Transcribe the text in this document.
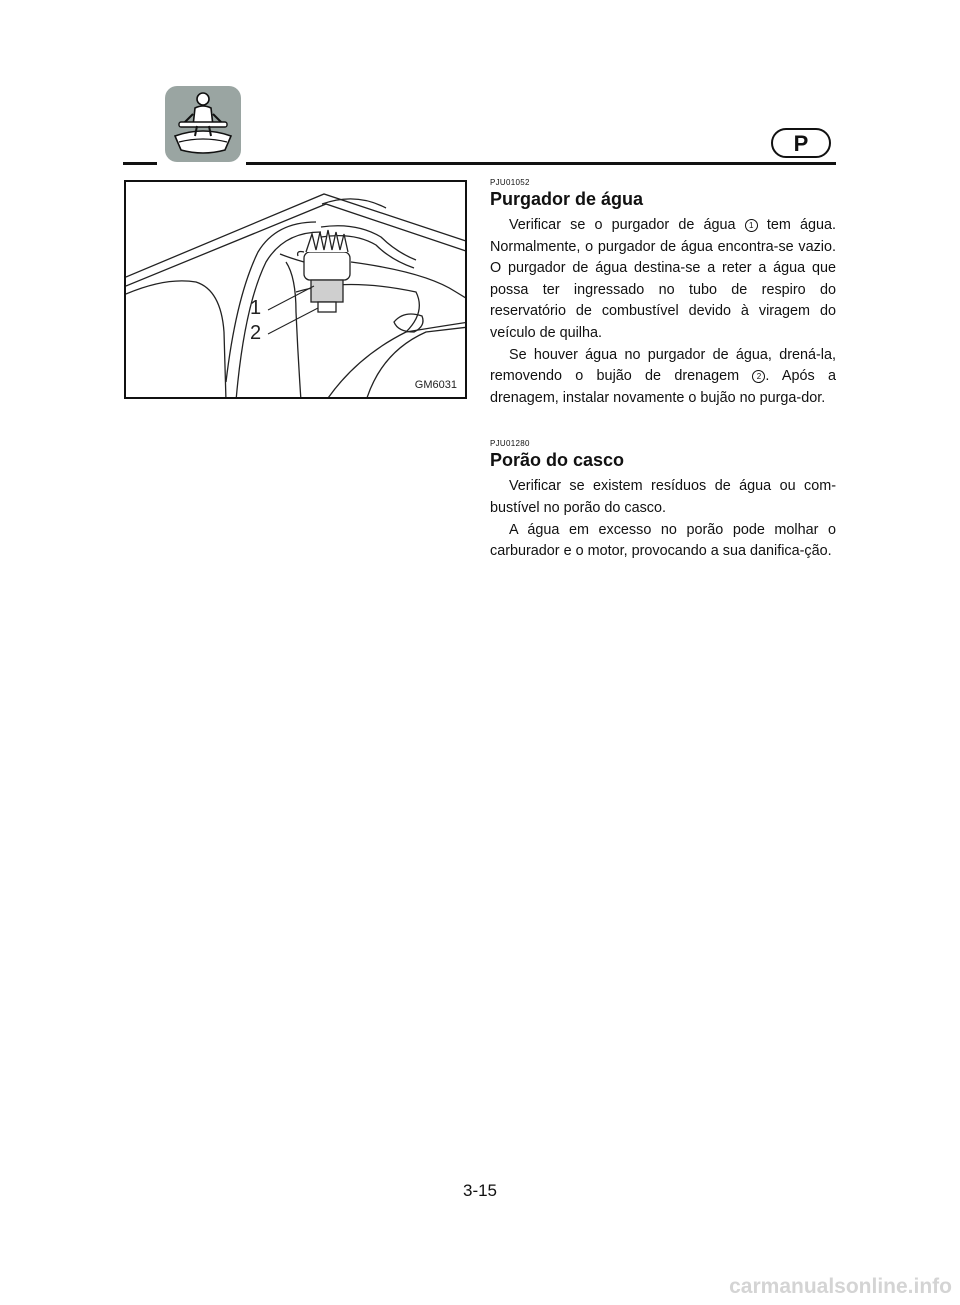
P
1
2
GM6031
PJU01052
Purgador de água

Verificar se o purgador de água 1 tem água. Normalmente, o purgador de água encontra-se vazio. O purgador de água destina-se a reter a água que possa ter ingressado no tubo de respiro do reservatório de combustível devido à viragem do veículo de quilha.

Se houver água no purgador de água, drená-la, removendo o bujão de drenagem 2 . Após a drenagem, instalar novamente o bujão no purga-dor.

PJU01280
Porão do casco

Verificar se existem resíduos de água ou com-bustível no porão do casco.

A água em excesso no porão pode molhar o carburador e o motor, provocando a sua danifica-ção.

3-15
carmanualsonline.info
